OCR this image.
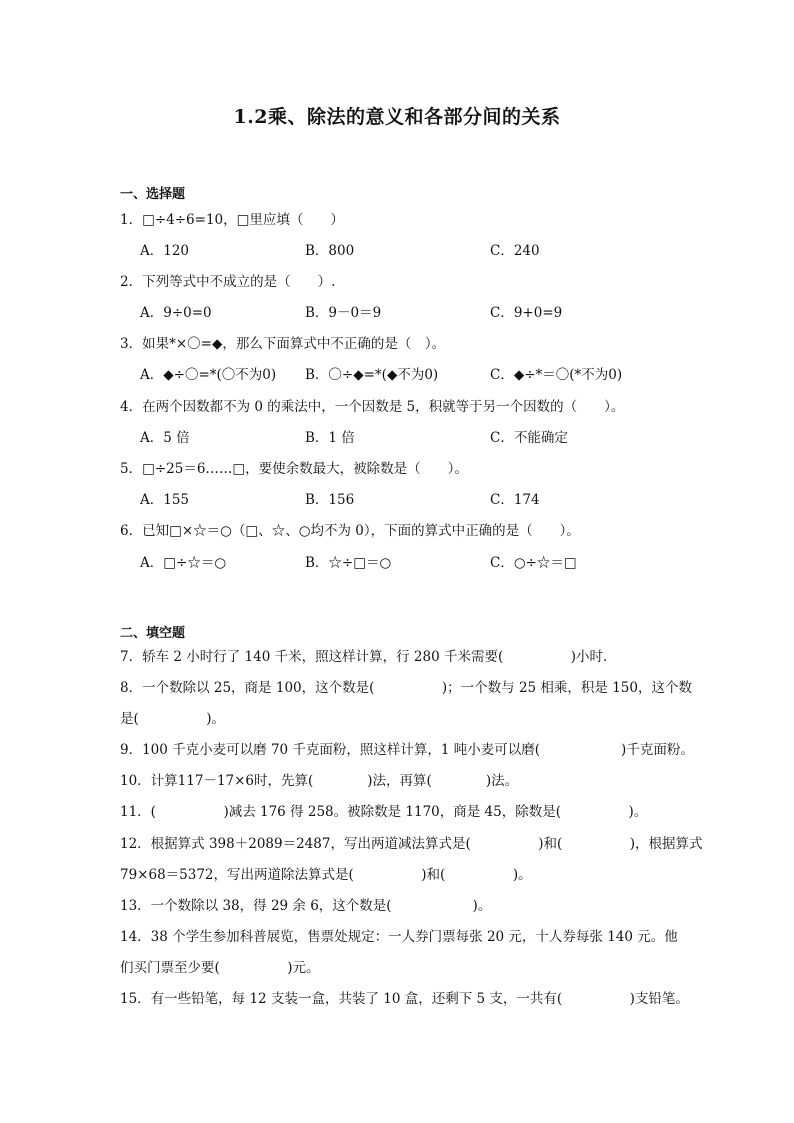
1.2乘、除法的意义和各部分间的关系
一、选择题
1．□÷4÷6=10，□里应填（　　）
A．120	B．800	C．240
2．下列等式中不成立的是（　　）.
A．9÷0=0	B．9－0＝9	C．9+0=9
3．如果*×〇=◆，那么下面算式中不正确的是（　）。
A．◆÷〇=*(〇不为0) B．〇÷◆=*(◆不为0)	C．◆÷*＝〇(*不为0)
4．在两个因数都不为 0 的乘法中，一个因数是 5，积就等于另一个因数的（　　）。
A．5 倍	B．1 倍	C．不能确定
5．□÷25＝6……□，要使余数最大，被除数是（　　）。
A．155	B．156	C．174
6．已知□×☆＝○（□、☆、○均不为 0），下面的算式中正确的是（　　）。
A．□÷☆＝○	B．☆÷□＝○	C．○÷☆＝□
二、填空题
7．轿车 2 小时行了 140 千米，照这样计算，行 280 千米需要(　　　　　)小时．
8．一个数除以 25，商是 100，这个数是(　　　　　)；一个数与 25 相乘，积是 150，这个数
是(　　　　　)。
9．100 千克小麦可以磨 70 千克面粉，照这样计算，1 吨小麦可以磨(　　　　　　)千克面粉。
10．计算117－17×6时，先算(　　　　)法，再算(　　　　)法。
11．(　　　　　)减去 176 得 258。被除数是 1170，商是 45，除数是(　　　　　)。
12．根据算式 398＋2089＝2487，写出两道减法算式是(　　　　　)和(　　　　　)，根据算式
79×68＝5372，写出两道除法算式是(　　　　　)和(　　　　　)。
13．一个数除以 38，得 29 余 6，这个数是(　　　　　　)。
14．38 个学生参加科普展览，售票处规定：一人券门票每张 20 元，十人券每张 140 元。他
们买门票至少要(　　　　　)元。
15．有一些铅笔，每 12 支装一盒，共装了 10 盒，还剩下 5 支，一共有(　　　　　)支铅笔。
